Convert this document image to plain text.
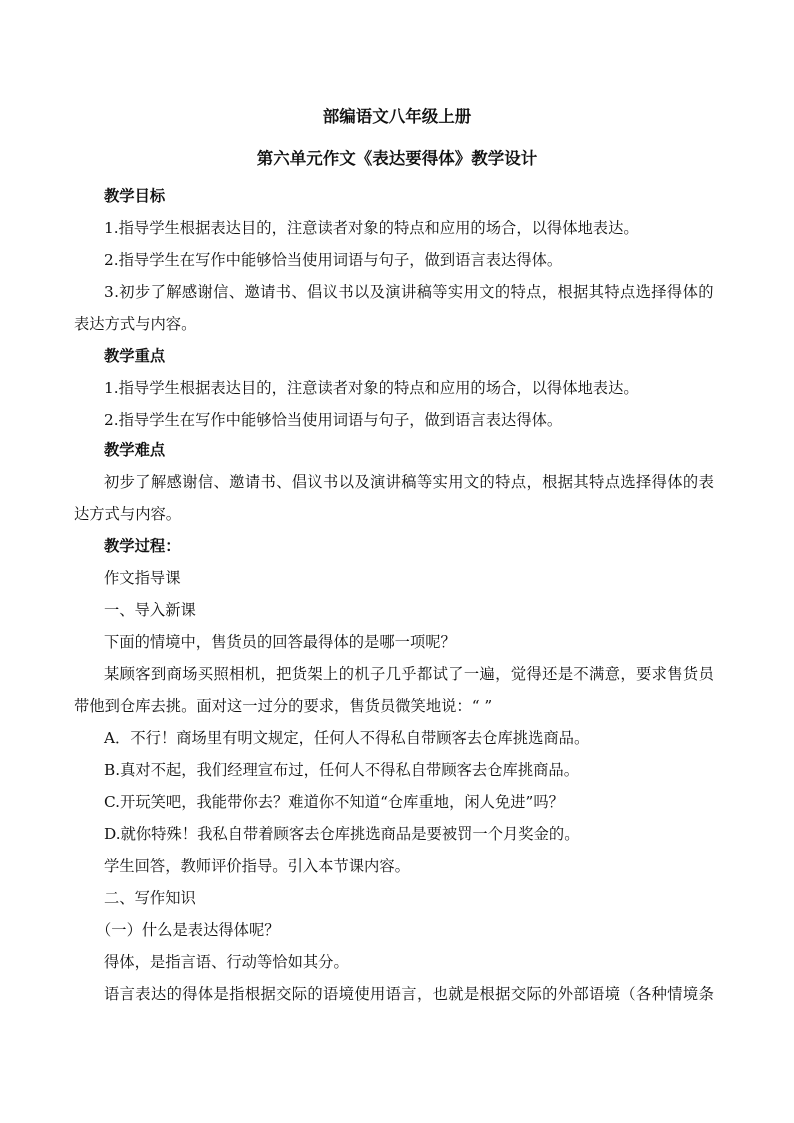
部编语文八年级上册
第六单元作文《表达要得体》教学设计
教学目标
1.指导学生根据表达目的，注意读者对象的特点和应用的场合，以得体地表达。
2.指导学生在写作中能够恰当使用词语与句子，做到语言表达得体。
3.初步了解感谢信、邀请书、倡议书以及演讲稿等实用文的特点，根据其特点选择得体的
表达方式与内容。
教学重点
1.指导学生根据表达目的，注意读者对象的特点和应用的场合，以得体地表达。
2.指导学生在写作中能够恰当使用词语与句子，做到语言表达得体。
教学难点
初步了解感谢信、邀请书、倡议书以及演讲稿等实用文的特点，根据其特点选择得体的表
达方式与内容。
教学过程：
作文指导课
一、导入新课
下面的情境中，售货员的回答最得体的是哪一项呢？
某顾客到商场买照相机，把货架上的机子几乎都试了一遍，觉得还是不满意，要求售货员
带他到仓库去挑。面对这一过分的要求，售货员微笑地说：“ ”
A．不行！商场里有明文规定，任何人不得私自带顾客去仓库挑选商品。
B.真对不起，我们经理宣布过，任何人不得私自带顾客去仓库挑商品。
C.开玩笑吧，我能带你去？难道你不知道“仓库重地，闲人免进”吗？
D.就你特殊！我私自带着顾客去仓库挑选商品是要被罚一个月奖金的。
学生回答，教师评价指导。引入本节课内容。
二、写作知识
（一）什么是表达得体呢？
得体，是指言语、行动等恰如其分。
语言表达的得体是指根据交际的语境使用语言，也就是根据交际的外部语境（各种情境条
